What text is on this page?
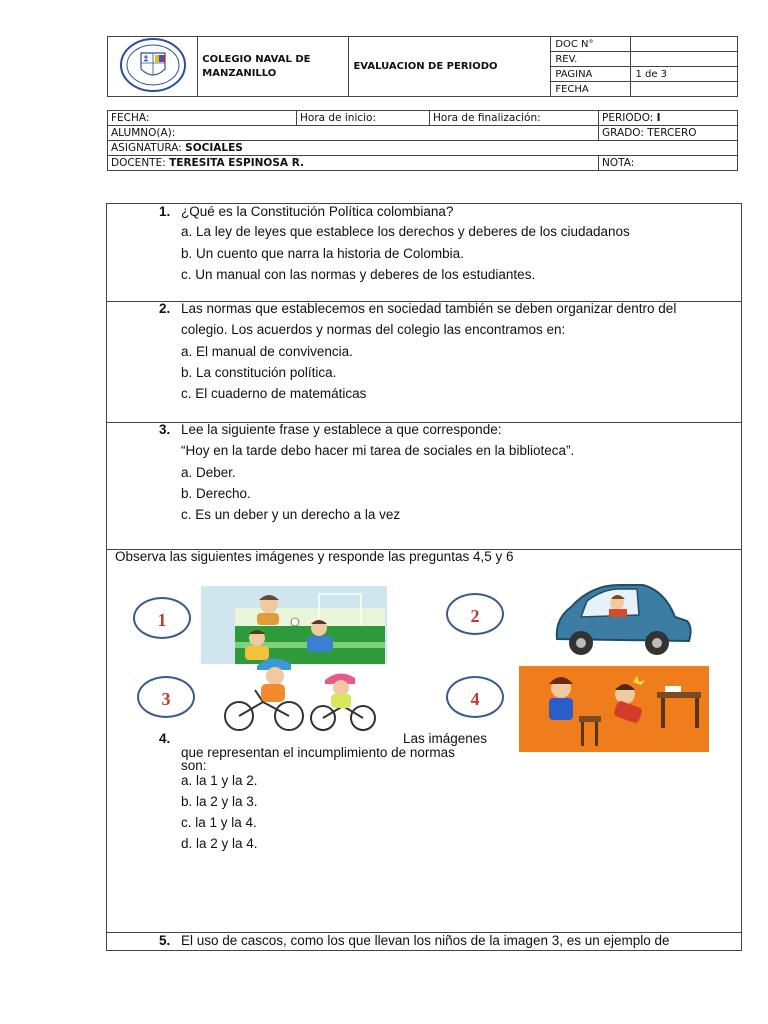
COLEGIO NAVAL DE
MANZANILLO	EVALUACION DE PERIODO	DOC N°	
			REV.	
			PAGINA	1 de 3
			FECHA	
FECHA:	Hora de inicio:	Hora de finalización:	PERIODO: I
ALUMNO(A):			GRADO: TERCERO
ASIGNATURA: SOCIALES			
DOCENTE: TERESITA ESPINOSA R.			NOTA:
1. ¿Qué es la Constitución Política colombiana?
a. La ley de leyes que establece los derechos y deberes de los ciudadanos
b. Un cuento que narra la historia de Colombia.
c. Un manual con las normas y deberes de los estudiantes.
2. Las normas que establecemos en sociedad también se deben organizar dentro del
colegio. Los acuerdos y normas del colegio las encontramos en:
a. El manual de convivencia.
b. La constitución política.
c. El cuaderno de matemáticas
3. Lee la siguiente frase y establece a que corresponde:
“Hoy en la tarde debo hacer mi tarea de sociales en la biblioteca”.
a. Deber.
b. Derecho.
c. Es un deber y un derecho a la vez
Observa las siguientes imágenes y responde las preguntas 4,5 y 6
1	2
3	4
4.	Las imágenes
que representan el incumplimiento de normas
son:
a. la 1 y la 2.
b. la 2 y la 3.
c. la 1 y la 4.
d. la 2 y la 4.
5. El uso de cascos, como los que llevan los niños de la imagen 3, es un ejemplo de
